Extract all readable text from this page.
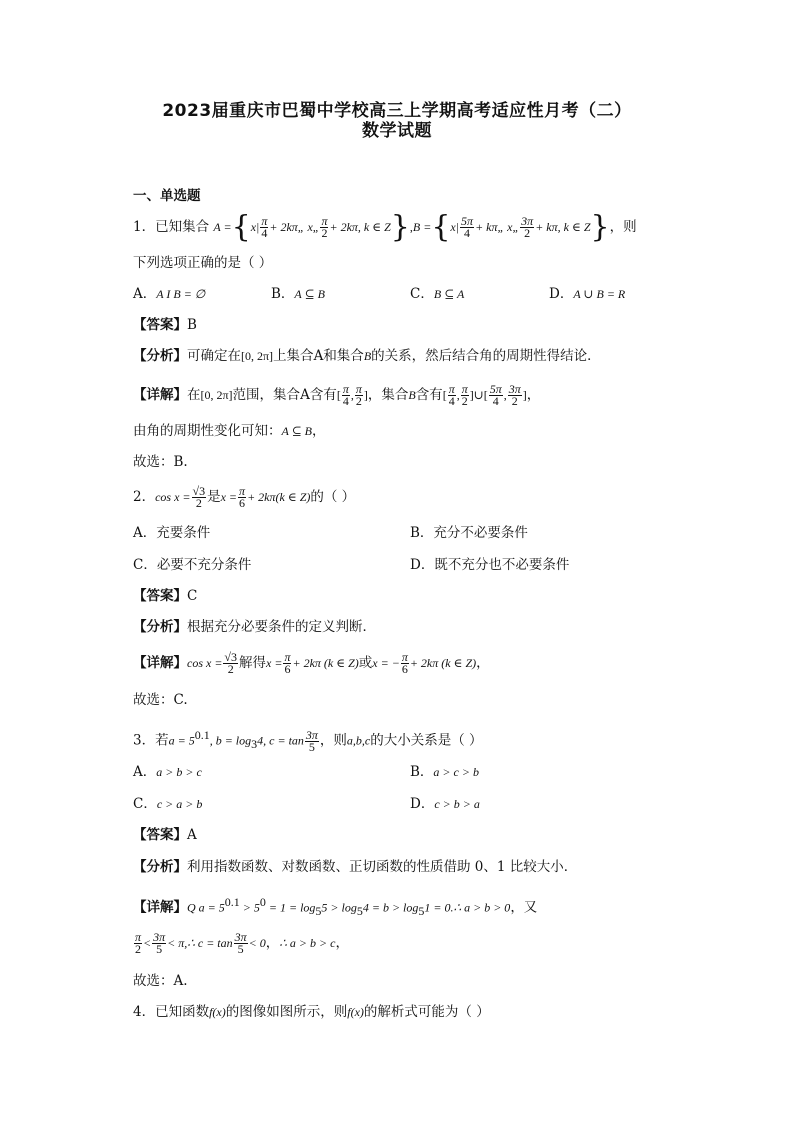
2023届重庆市巴蜀中学校高三上学期高考适应性月考（二）
数学试题
一、单选题
1．已知集合 $A =\{x| \frac{\pi}{4}$ + 2kπ„ x„ $\frac{\pi}{2} + 2k\pi$, k ∈ $Z\},B =\{x| \frac{5\pi}{4}$ + kπ„ x„ $\frac{3\pi}{2} + k\pi$, k ∈ Z}，则
下列选项正确的是（ ）
A．A I B = ∅	B．A ⊆ B	C．B ⊆ A	D．A ∪ B = R
【答案】B
【分析】可确定在[0, 2π]上集合A和集合B的关系，然后结合角的周期性得结论．
【详解】在[0, 2π]范围，集合A含有[ $\frac{\pi}{4}$ , $\frac{\pi}{2}$ ]，集合B含有[ $\frac{\pi}{4}$ , $\frac{\pi}{2}$ ]∪[ $\frac{5\pi}{4}$ , $\frac{3\pi}{2}$ ]，
由角的周期性变化可知：A ⊆ B，
故选：B.
2．$\cos x = \frac{√3}{2}$ 是$x = \frac{\pi}{6} + 2k\pi(k$ ∈ Z)的（ ）
A．充要条件	B．充分不必要条件
C．必要不充分条件	D．既不充分也不必要条件
【答案】C
【分析】根据充分必要条件的定义判断．
【详解】$\cos x = \frac{√3}{2}$ 解得$x = \frac{\pi}{6} + 2k\pi$ (k ∈ Z)或x = − $\frac{\pi}{6} + 2k\pi$ (k ∈ Z)，
故选：C.
3．若$a = 5^{0.1}$, $b = \log_34$, $c = \tan \frac{3\pi}{5}$ ，则a,b,c的大小关系是（ ）
A．a > b > c	B．a > c > b
C．c > a > b	D．c > b > a
【答案】A
【分析】利用指数函数、对数函数、正切函数的性质借助 0、1 比较大小．
【详解】Q $a = 5^{0.1} > 5^0 = 1 = \log_55 > \log_54 = b > \log_51$ = 0.∴ a > b > 0，又
$\frac{\pi}{2} < \frac{3\pi}{5}$ < π,∴ $c = \tan \frac{3\pi}{5} < 0$，∴ a > b > c，
故选：A.
4．已知函数f(x)的图像如图所示，则f(x)的解析式可能为（ ）
